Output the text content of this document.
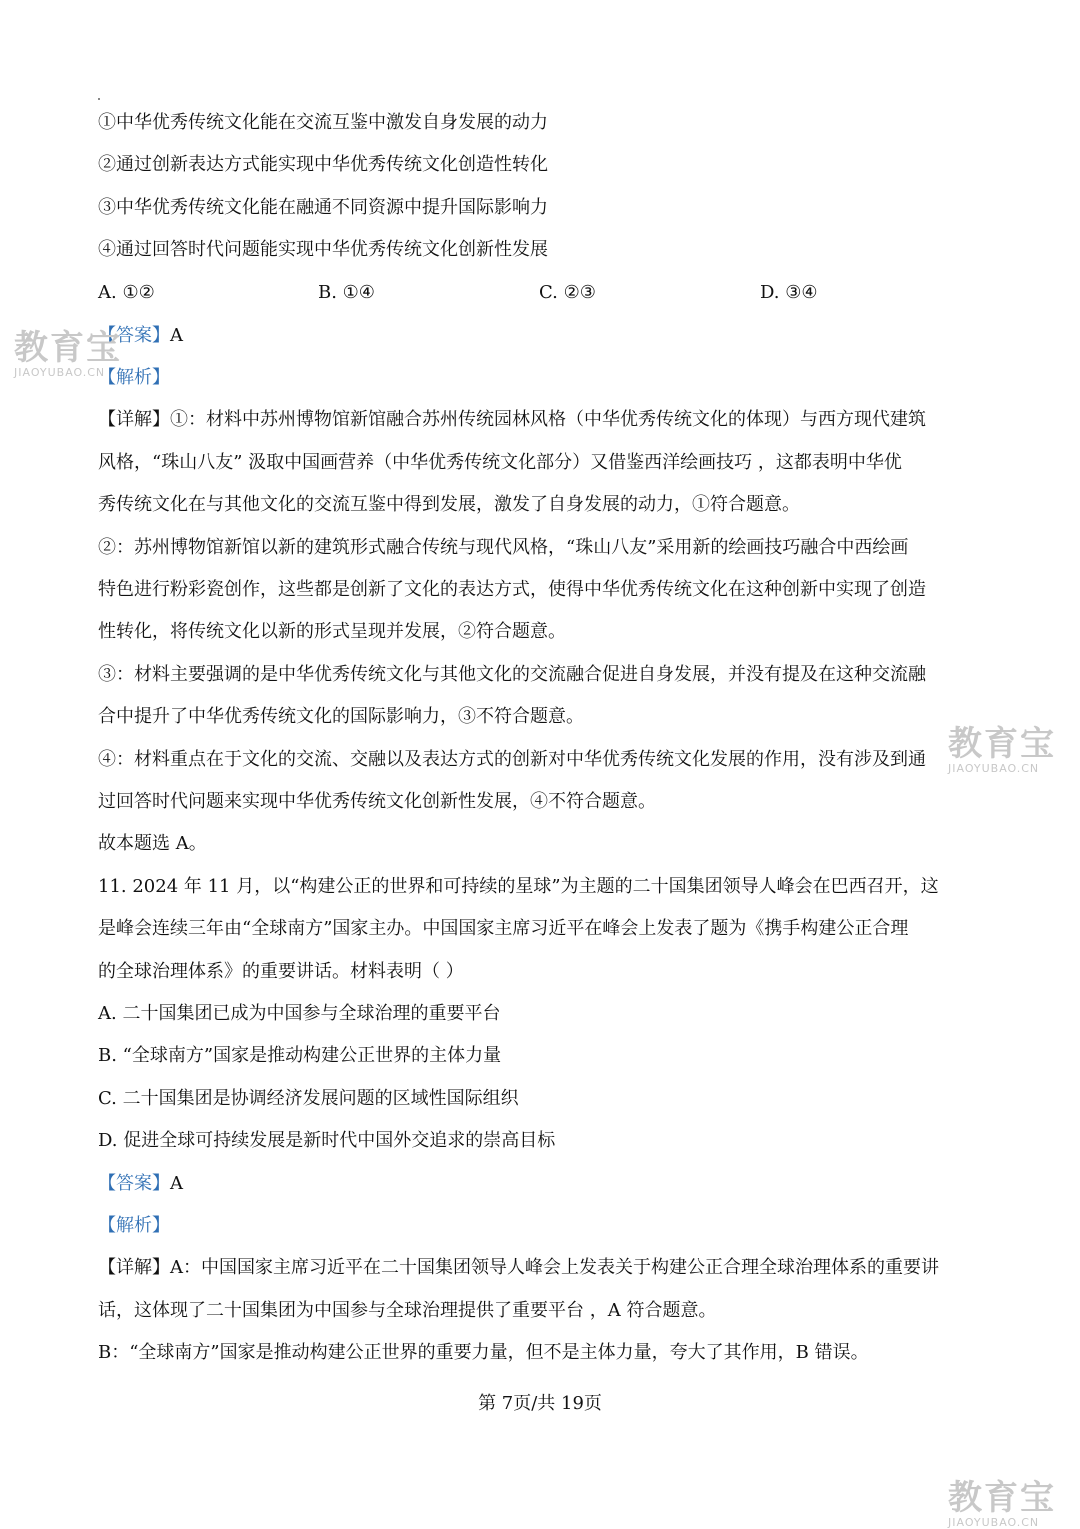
①中华优秀传统文化能在交流互鉴中激发自身发展的动力
②通过创新表达方式能实现中华优秀传统文化创造性转化
③中华优秀传统文化能在融通不同资源中提升国际影响力
④通过回答时代问题能实现中华优秀传统文化创新性发展
A. ①②	B. ①④	C. ②③	D. ③④
【答案】A
【解析】
【详解】①：材料中苏州博物馆新馆融合苏州传统园林风格（中华优秀传统文化的体现）与西方现代建筑
风格，“珠山八友” 汲取中国画营养（中华优秀传统文化部分）又借鉴西洋绘画技巧 ，这都表明中华优
秀传统文化在与其他文化的交流互鉴中得到发展，激发了自身发展的动力，①符合题意。
②：苏州博物馆新馆以新的建筑形式融合传统与现代风格，“珠山八友”采用新的绘画技巧融合中西绘画
特色进行粉彩瓷创作，这些都是创新了文化的表达方式，使得中华优秀传统文化在这种创新中实现了创造
性转化，将传统文化以新的形式呈现并发展，②符合题意。
③：材料主要强调的是中华优秀传统文化与其他文化的交流融合促进自身发展，并没有提及在这种交流融
合中提升了中华优秀传统文化的国际影响力，③不符合题意。
④：材料重点在于文化的交流、交融以及表达方式的创新对中华优秀传统文化发展的作用，没有涉及到通
过回答时代问题来实现中华优秀传统文化创新性发展，④不符合题意。
故本题选 A。
11. 2024 年 11 月，以“构建公正的世界和可持续的星球”为主题的二十国集团领导人峰会在巴西召开，这
是峰会连续三年由“全球南方”国家主办。中国国家主席习近平在峰会上发表了题为《携手构建公正合理
的全球治理体系》的重要讲话。材料表明（ ）
A. 二十国集团已成为中国参与全球治理的重要平台
B. “全球南方”国家是推动构建公正世界的主体力量
C. 二十国集团是协调经济发展问题的区域性国际组织
D. 促进全球可持续发展是新时代中国外交追求的崇高目标
【答案】A
【解析】
【详解】A：中国国家主席习近平在二十国集团领导人峰会上发表关于构建公正合理全球治理体系的重要讲
话，这体现了二十国集团为中国参与全球治理提供了重要平台 ，A 符合题意。
B：“全球南方”国家是推动构建公正世界的重要力量，但不是主体力量，夸大了其作用，B 错误。
第 7页/共 19页
教育宝
JIAOYUBAO.CN
教育宝
JIAOYUBAO.CN
教育宝
JIAOYUBAO.CN
